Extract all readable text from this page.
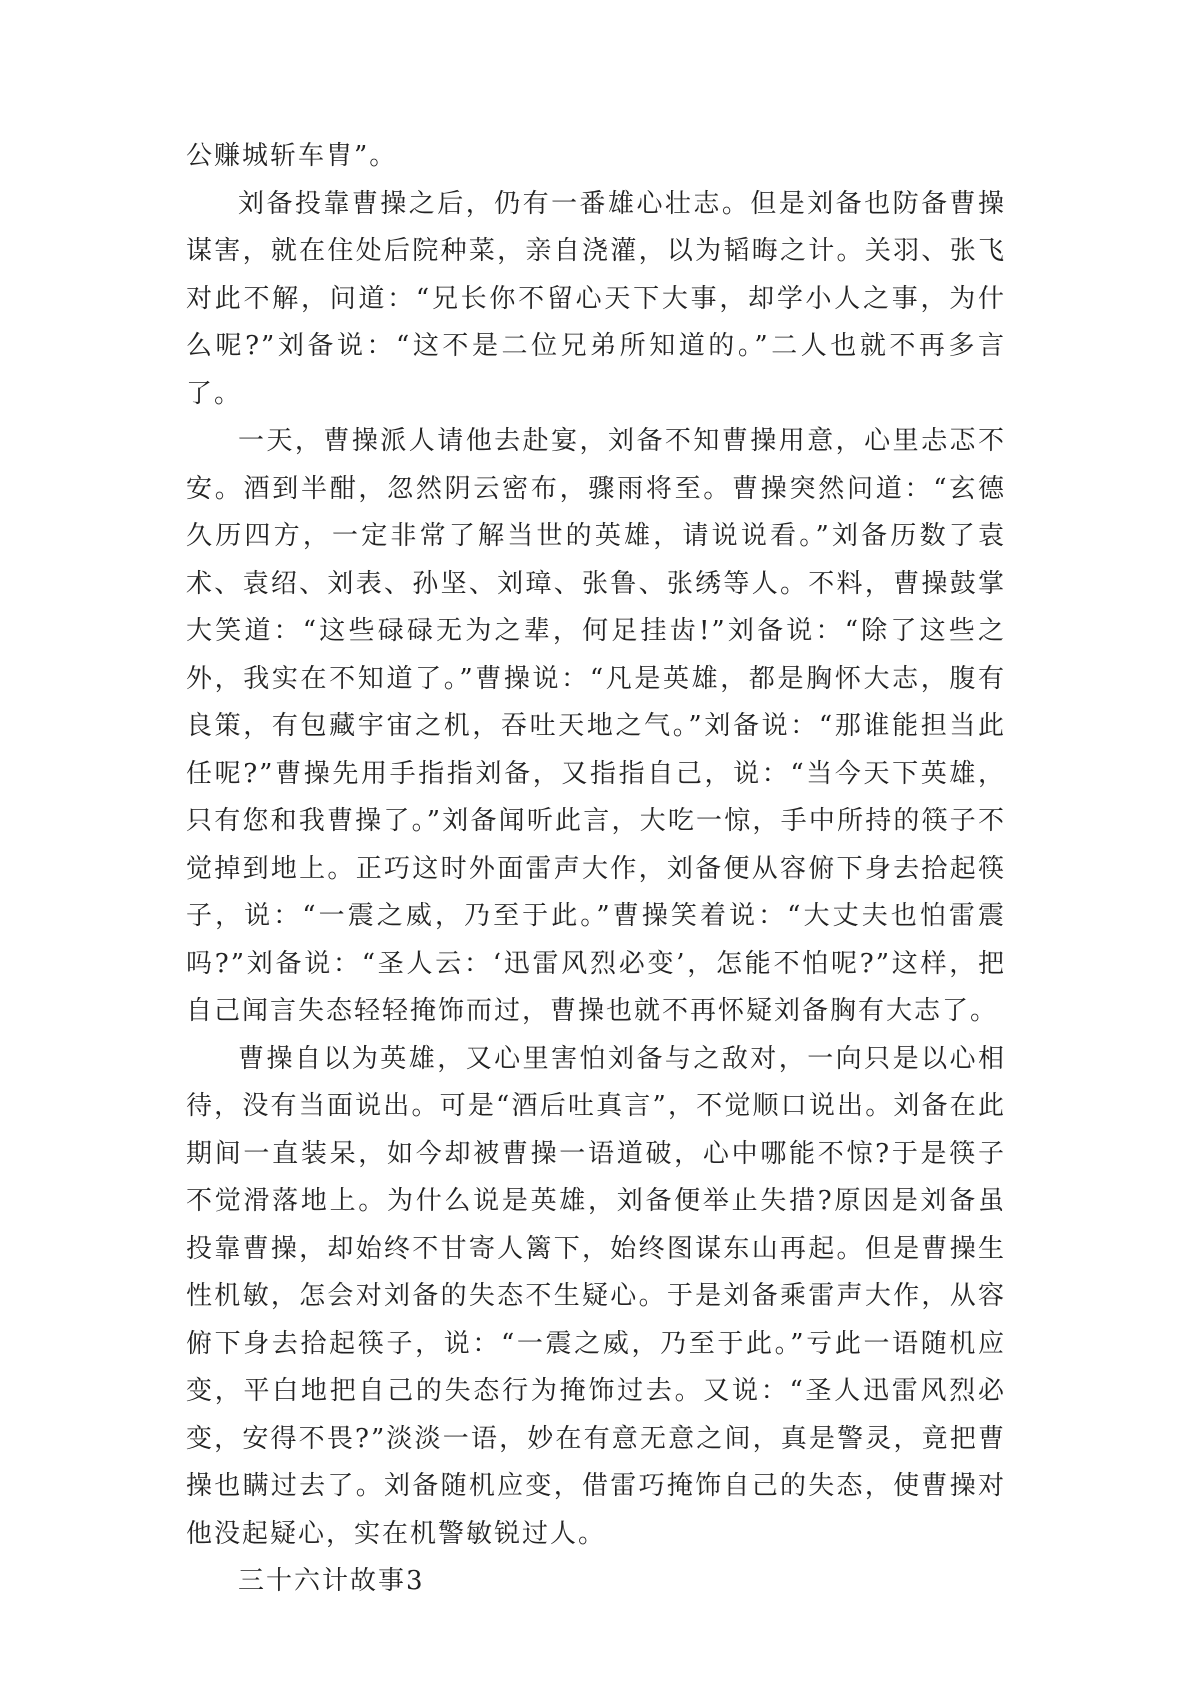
公赚城斩车胄”。

刘备投靠曹操之后，仍有一番雄心壮志。但是刘备也防备曹操谋害，就在住处后院种菜，亲自浇灌，以为韬晦之计。关羽、张飞对此不解，问道：“兄长你不留心天下大事，却学小人之事，为什么呢?”刘备说：“这不是二位兄弟所知道的。”二人也就不再多言了。

一天，曹操派人请他去赴宴，刘备不知曹操用意，心里忐忑不安。酒到半酣，忽然阴云密布，骤雨将至。曹操突然问道：“玄德久历四方，一定非常了解当世的英雄，请说说看。”刘备历数了袁术、袁绍、刘表、孙坚、刘璋、张鲁、张绣等人。不料，曹操鼓掌大笑道：“这些碌碌无为之辈，何足挂齿!”刘备说：“除了这些之外，我实在不知道了。”曹操说：“凡是英雄，都是胸怀大志，腹有良策，有包藏宇宙之机，吞吐天地之气。”刘备说：“那谁能担当此任呢?”曹操先用手指指刘备，又指指自己，说：“当今天下英雄，只有您和我曹操了。”刘备闻听此言，大吃一惊，手中所持的筷子不觉掉到地上。正巧这时外面雷声大作，刘备便从容俯下身去拾起筷子，说：“一震之威，乃至于此。”曹操笑着说：“大丈夫也怕雷震吗?”刘备说：“圣人云：‘迅雷风烈必变’，怎能不怕呢?”这样，把自己闻言失态轻轻掩饰而过，曹操也就不再怀疑刘备胸有大志了。

曹操自以为英雄，又心里害怕刘备与之敌对，一向只是以心相待，没有当面说出。可是“酒后吐真言”，不觉顺口说出。刘备在此期间一直装呆，如今却被曹操一语道破，心中哪能不惊?于是筷子不觉滑落地上。为什么说是英雄，刘备便举止失措?原因是刘备虽投靠曹操，却始终不甘寄人篱下，始终图谋东山再起。但是曹操生性机敏，怎会对刘备的失态不生疑心。于是刘备乘雷声大作，从容俯下身去拾起筷子，说：“一震之威，乃至于此。”亏此一语随机应变，平白地把自己的失态行为掩饰过去。又说：“圣人迅雷风烈必变，安得不畏?”淡淡一语，妙在有意无意之间，真是警灵，竟把曹操也瞒过去了。刘备随机应变，借雷巧掩饰自己的失态，使曹操对他没起疑心，实在机警敏锐过人。

三十六计故事3
